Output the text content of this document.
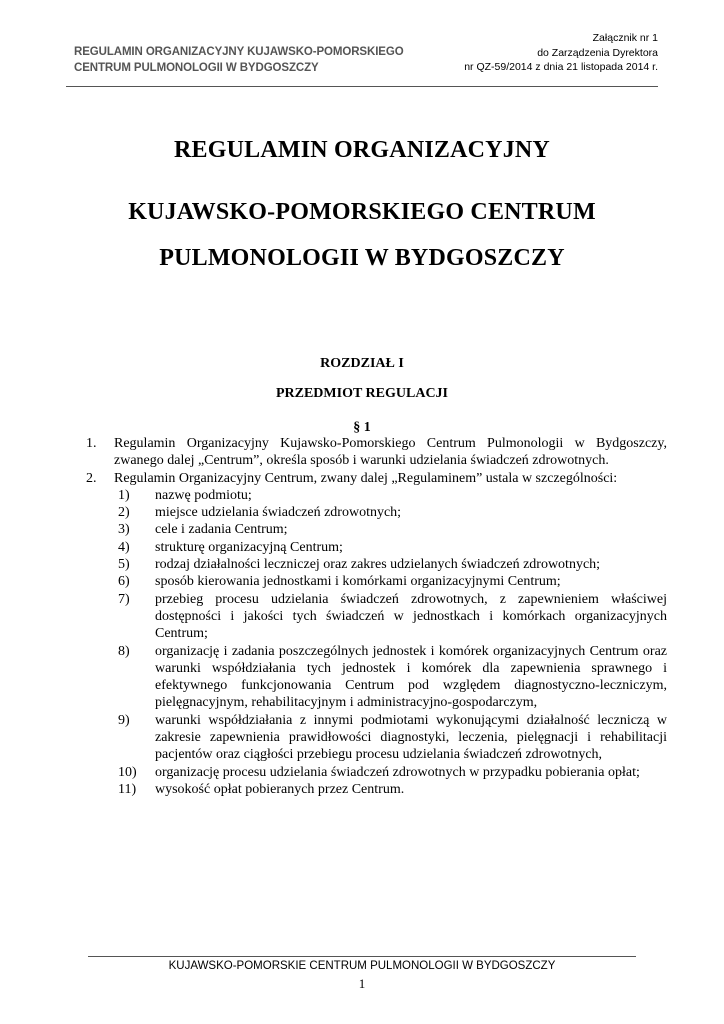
REGULAMIN ORGANIZACYJNY KUJAWSKO-POMORSKIEGO
CENTRUM PULMONOLOGII W BYDGOSZCZY
Załącznik nr 1
do Zarządzenia Dyrektora
nr QZ-59/2014 z dnia 21 listopada 2014 r.
REGULAMIN ORGANIZACYJNY
KUJAWSKO-POMORSKIEGO CENTRUM
PULMONOLOGII W BYDGOSZCZY
ROZDZIAŁ I
PRZEDMIOT REGULACJI
§ 1
1.	Regulamin Organizacyjny Kujawsko-Pomorskiego Centrum Pulmonologii w Bydgoszczy, zwanego dalej „Centrum”, określa sposób i warunki udzielania świadczeń zdrowotnych.
2.	Regulamin Organizacyjny Centrum, zwany dalej „Regulaminem” ustala w szczególności:
1)	nazwę podmiotu;
2)	miejsce udzielania świadczeń zdrowotnych;
3)	cele i zadania Centrum;
4)	strukturę organizacyjną Centrum;
5)	rodzaj działalności leczniczej oraz zakres udzielanych świadczeń zdrowotnych;
6)	sposób kierowania jednostkami i komórkami organizacyjnymi Centrum;
7)	przebieg procesu udzielania świadczeń zdrowotnych, z zapewnieniem właściwej dostępności i jakości tych świadczeń w jednostkach i komórkach organizacyjnych Centrum;
8)	organizację i zadania poszczególnych jednostek i komórek organizacyjnych Centrum oraz warunki współdziałania tych jednostek i komórek dla zapewnienia sprawnego i efektywnego funkcjonowania Centrum pod względem diagnostyczno-leczniczym, pielęgnacyjnym, rehabilitacyjnym i administracyjno-gospodarczym,
9)	warunki współdziałania z innymi podmiotami wykonującymi działalność leczniczą w zakresie zapewnienia prawidłowości diagnostyki, leczenia, pielęgnacji i rehabilitacji pacjentów oraz ciągłości przebiegu procesu udzielania świadczeń zdrowotnych,
10)	organizację procesu udzielania świadczeń zdrowotnych w przypadku pobierania opłat;
11)	wysokość opłat pobieranych przez Centrum.
KUJAWSKO-POMORSKIE CENTRUM PULMONOLOGII W BYDGOSZCZY
1
